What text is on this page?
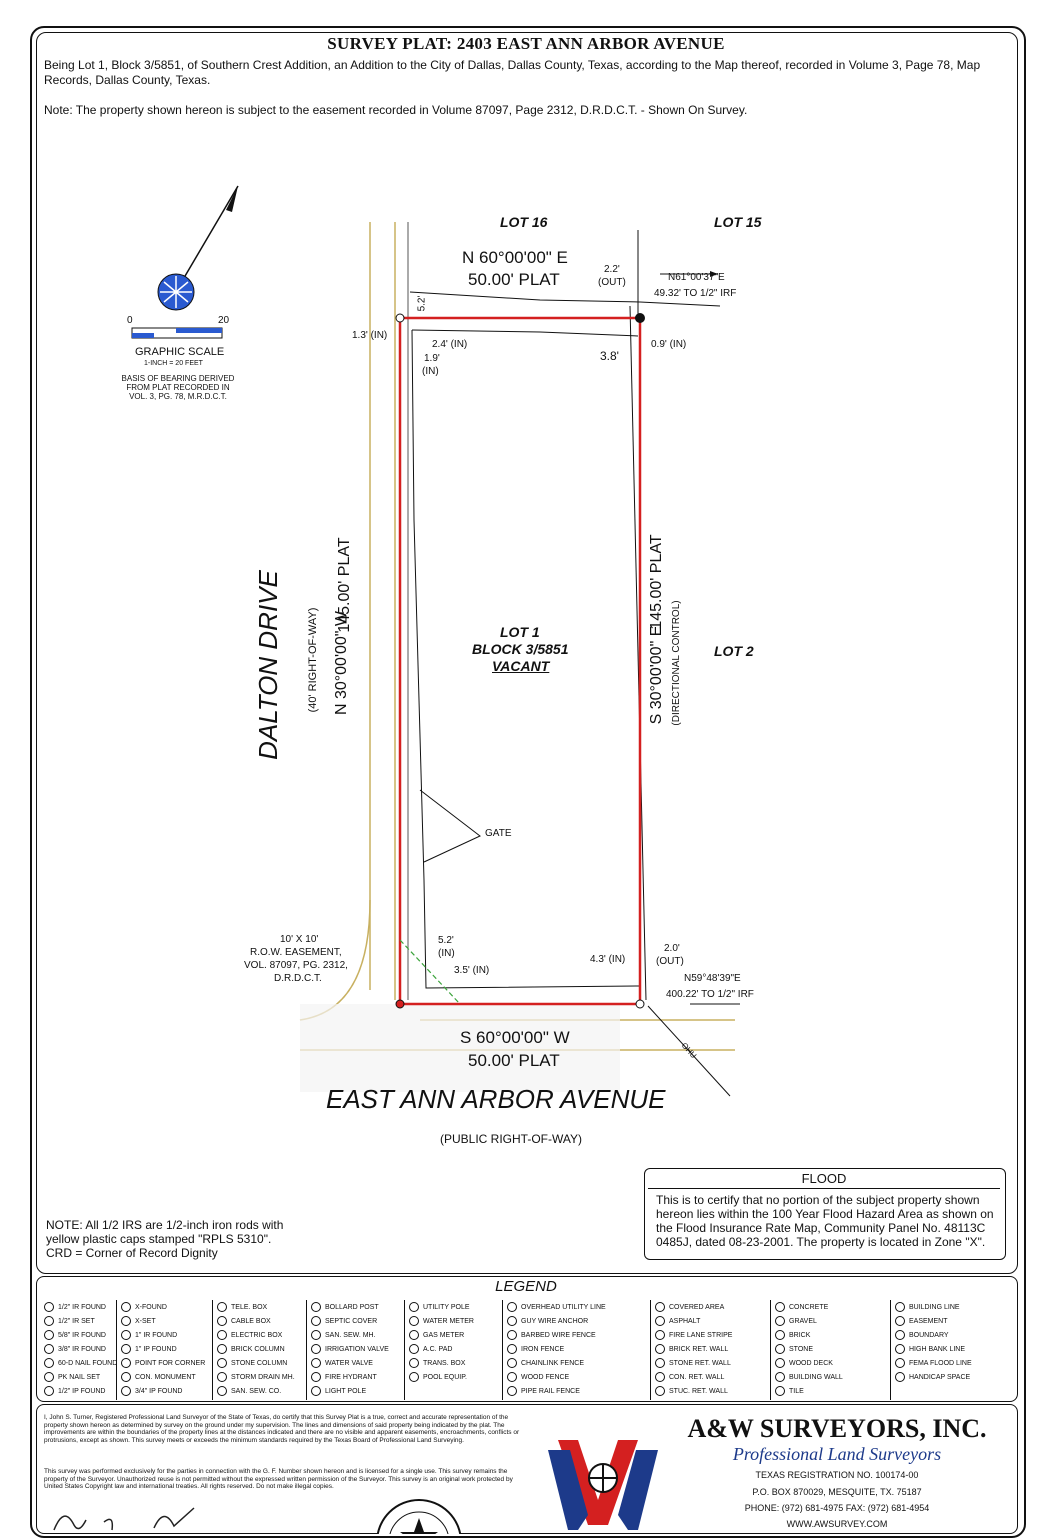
SURVEY PLAT: 2403 EAST ANN ARBOR AVENUE
Being Lot 1, Block 3/5851, of Southern Crest Addition, an Addition to the City of Dallas, Dallas County, Texas, according to the Map thereof, recorded in Volume 3, Page 78, Map Records, Dallas County, Texas.
Note: The property shown hereon is subject to the easement recorded in Volume 87097, Page 2312, D.R.D.C.T. - Shown On Survey.
0	20
GRAPHIC SCALE
1-INCH = 20 FEET
BASIS OF BEARING DERIVED FROM PLAT RECORDED IN VOL. 3, PG. 78, M.R.D.C.T.
LOT 16	LOT 15
LOT 2
LOT 1
BLOCK 3/5851
VACANT
N 60°00'00" E
50.00' PLAT
S 60°00'00" W
50.00' PLAT
N 30°00'00" W
145.00' PLAT
S 30°00'00" E
145.00' PLAT
(DIRECTIONAL CONTROL)
DALTON DRIVE (40' RIGHT-OF-WAY)
EAST ANN ARBOR AVENUE
(PUBLIC RIGHT-OF-WAY)
N61°00'37"E
49.32' TO 1/2" IRF
N59°48'39"E
400.22' TO 1/2" IRF
5.2'
1.3' (IN)
2.4' (IN)
1.9'
(IN)
2.2'
(OUT)
3.8'
0.9' (IN)
GATE
10' X 10'
R.O.W. EASEMENT,
VOL. 87097, PG. 2312,
D.R.D.C.T.
5.2'
(IN)
3.5' (IN)
4.3' (IN)
2.0'
(OUT)
OHU
FLOOD
This is to certify that no portion of the subject property shown hereon lies within the 100 Year Flood Hazard Area as shown on the Flood Insurance Rate Map, Community Panel No. 48113C 0485J, dated 08-23-2001. The property is located in Zone "X".
NOTE: All 1/2 IRS are 1/2-inch iron rods with yellow plastic caps stamped "RPLS 5310".
CRD = Corner of Record Dignity
LEGEND
1/2" IR FOUND
1/2" IR SET
5/8" IR FOUND
3/8" IR FOUND
60-D NAIL FOUND
PK NAIL SET
1/2" IP FOUND
X-FOUND
X-SET
1" IR FOUND
1" IP FOUND
POINT FOR CORNER
CON. MONUMENT
3/4" IP FOUND
TELE. BOX
CABLE BOX
ELECTRIC BOX
BRICK COLUMN
STONE COLUMN
STORM DRAIN MH.
SAN. SEW. CO.
BOLLARD POST
SEPTIC COVER
SAN. SEW. MH.
IRRIGATION VALVE
WATER VALVE
FIRE HYDRANT
LIGHT POLE
UTILITY POLE
WATER METER
GAS METER
A.C. PAD
TRANS. BOX
POOL EQUIP.
OVERHEAD UTILITY LINE
GUY WIRE ANCHOR
BARBED WIRE FENCE
IRON FENCE
CHAINLINK FENCE
WOOD FENCE
PIPE RAIL FENCE
COVERED AREA
ASPHALT
FIRE LANE STRIPE
BRICK RET. WALL
STONE RET. WALL
CON. RET. WALL
STUC. RET. WALL
CONCRETE
GRAVEL
BRICK
STONE
WOOD DECK
BUILDING WALL
TILE
BUILDING LINE
EASEMENT
BOUNDARY
HIGH BANK LINE
FEMA FLOOD LINE
HANDICAP SPACE
I, John S. Turner, Registered Professional Land Surveyor of the State of Texas, do certify that this Survey Plat is a true, correct and accurate representation of the property shown hereon as determined by survey on the ground under my supervision. The lines and dimensions of said property being indicated by the plat. The improvements are within the boundaries of the property lines at the distances indicated and there are no visible and apparent easements, encroachments, conflicts or protrusions, except as shown. This survey meets or exceeds the minimum standards required by the Texas Board of Professional Land Surveying.
This survey was performed exclusively for the parties in connection with the G. F. Number shown hereon and is licensed for a single use. This survey remains the property of the Surveyor. Unauthorized reuse is not permitted without the expressed written permission of the Surveyor. This survey is an original work protected by United States Copyright law and international treaties. All rights reserved. Do not make illegal copies.
A&W SURVEYORS, INC.
Professional Land Surveyors
TEXAS REGISTRATION NO. 100174-00
P.O. BOX 870029, MESQUITE, TX. 75187
PHONE: (972) 681-4975 FAX: (972) 681-4954
WWW.AWSURVEY.COM
